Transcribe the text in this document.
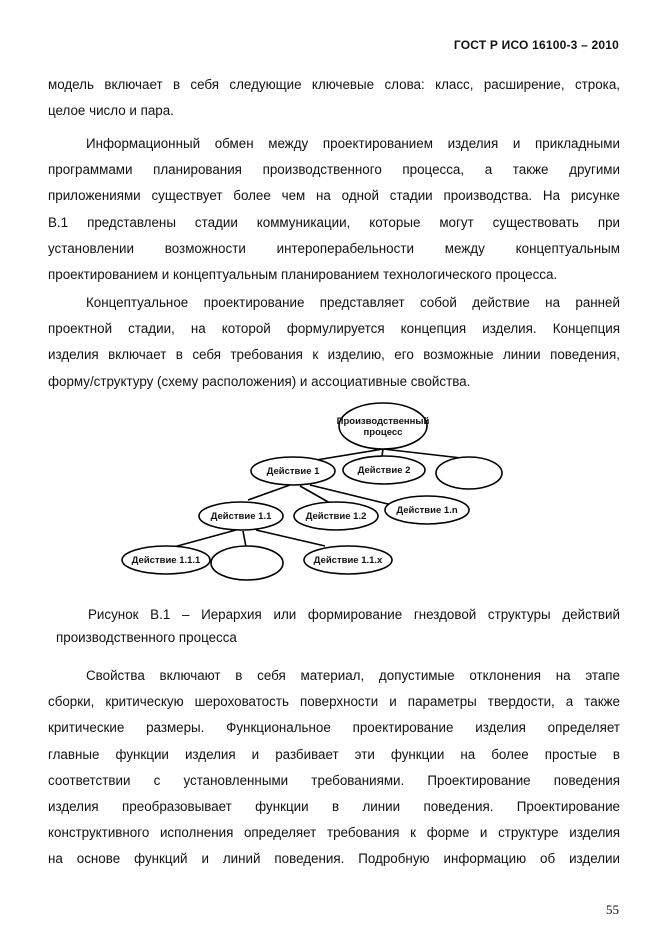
ГОСТ Р ИСО 16100-3 – 2010
модель включает в себя следующие ключевые слова: класс, расширение, строка,
целое число и пара.
Информационный обмен между проектированием изделия и прикладными
программами планирования производственного процесса, а также другими
приложениями существует более чем на одной стадии производства. На рисунке
В.1 представлены стадии коммуникации, которые могут существовать при
установлении возможности интероперабельности между концептуальным
проектированием и концептуальным планированием технологического процесса.
Концептуальное проектирование представляет собой действие на ранней
проектной стадии, на которой формулируется концепция изделия. Концепция
изделия включает в себя требования к изделию, его возможные линии поведения,
форму/структуру (схему расположения) и ассоциативные свойства.
Производственный
процесс
Действие 1	Действие 2
Действие 1.1	Действие 1.2
Действие 1.n
Действие 1.1.1	Действие 1.1.x
Рисунок В.1 – Иерархия или формирование гнездовой структуры действий
производственного процесса
Свойства включают в себя материал, допустимые отклонения на этапе
сборки, критическую шероховатость поверхности и параметры твердости, а также
критические размеры. Функциональное проектирование изделия определяет
главные функции изделия и разбивает эти функции на более простые в
соответствии с установленными требованиями. Проектирование поведения
изделия преобразовывает функции в линии поведения. Проектирование
конструктивного исполнения определяет требования к форме и структуре изделия
на основе функций и линий поведения. Подробную информацию об изделии
55
